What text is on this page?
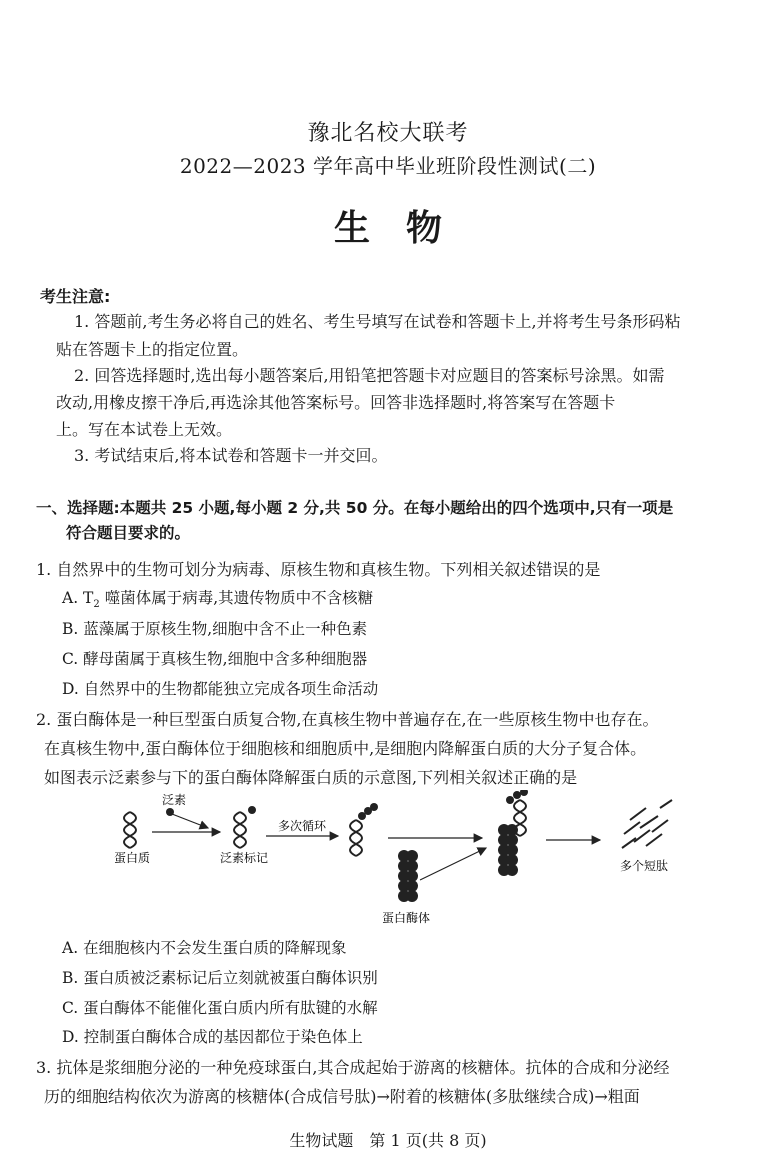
豫北名校大联考
2022—2023 学年高中毕业班阶段性测试(二)
生物
考生注意:
1. 答题前,考生务必将自己的姓名、考生号填写在试卷和答题卡上,并将考生号条形码粘
贴在答题卡上的指定位置。
2. 回答选择题时,选出每小题答案后,用铅笔把答题卡对应题目的答案标号涂黑。如需
改动,用橡皮擦干净后,再选涂其他答案标号。回答非选择题时,将答案写在答题卡
上。写在本试卷上无效。
3. 考试结束后,将本试卷和答题卡一并交回。
一、选择题:本题共 25 小题,每小题 2 分,共 50 分。在每小题给出的四个选项中,只有一项是
符合题目要求的。
1. 自然界中的生物可划分为病毒、原核生物和真核生物。下列相关叙述错误的是
A. $T_2$ 噬菌体属于病毒,其遗传物质中不含核糖
B. 蓝藻属于原核生物,细胞中含不止一种色素
C. 酵母菌属于真核生物,细胞中含多种细胞器
D. 自然界中的生物都能独立完成各项生命活动
2. 蛋白酶体是一种巨型蛋白质复合物,在真核生物中普遍存在,在一些原核生物中也存在。
在真核生物中,蛋白酶体位于细胞核和细胞质中,是细胞内降解蛋白质的大分子复合体。
如图表示泛素参与下的蛋白酶体降解蛋白质的示意图,下列相关叙述正确的是
蛋白质
泛素
泛素标记
多次循环
蛋白酶体
多个短肽
A. 在细胞核内不会发生蛋白质的降解现象
B. 蛋白质被泛素标记后立刻就被蛋白酶体识别
C. 蛋白酶体不能催化蛋白质内所有肽键的水解
D. 控制蛋白酶体合成的基因都位于染色体上
3. 抗体是浆细胞分泌的一种免疫球蛋白,其合成起始于游离的核糖体。抗体的合成和分泌经
历的细胞结构依次为游离的核糖体(合成信号肽)→附着的核糖体(多肽继续合成)→粗面
生物试题　第 1 页(共 8 页)
